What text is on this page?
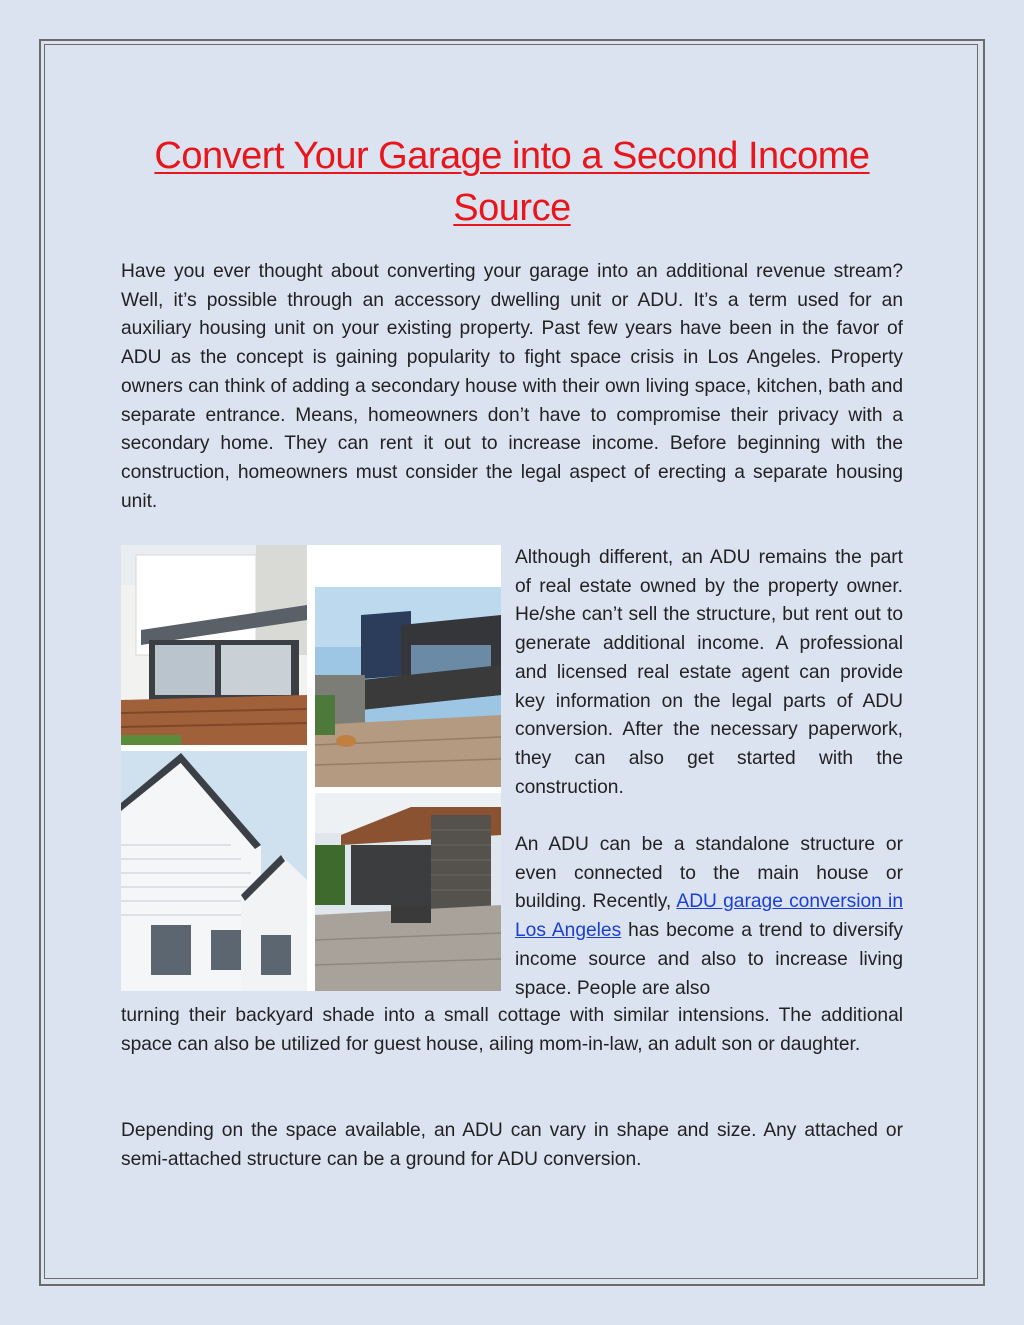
Convert Your Garage into a Second Income Source

Have you ever thought about converting your garage into an additional revenue stream? Well, it’s possible through an accessory dwelling unit or ADU. It’s a term used for an auxiliary housing unit on your existing property. Past few years have been in the favor of ADU as the concept is gaining popularity to fight space crisis in Los Angeles. Property owners can think of adding a secondary house with their own living space, kitchen, bath and separate entrance. Means, homeowners don’t have to compromise their privacy with a secondary home. They can rent it out to increase income. Before beginning with the construction, homeowners must consider the legal aspect of erecting a separate housing unit.

Although different, an ADU remains the part of real estate owned by the property owner. He/she can’t sell the structure, but rent out to generate additional income. A professional and licensed real estate agent can provide key information on the legal parts of ADU conversion. After the necessary paperwork, they can also get started with the construction.

An ADU can be a standalone structure or even connected to the main house or building. Recently, ADU garage conversion in Los Angeles has become a trend to diversify income source and also to increase living space. People are also

turning their backyard shade into a small cottage with similar intensions. The additional space can also be utilized for guest house, ailing mom-in-law, an adult son or daughter.

Depending on the space available, an ADU can vary in shape and size. Any attached or semi-attached structure can be a ground for ADU conversion.
